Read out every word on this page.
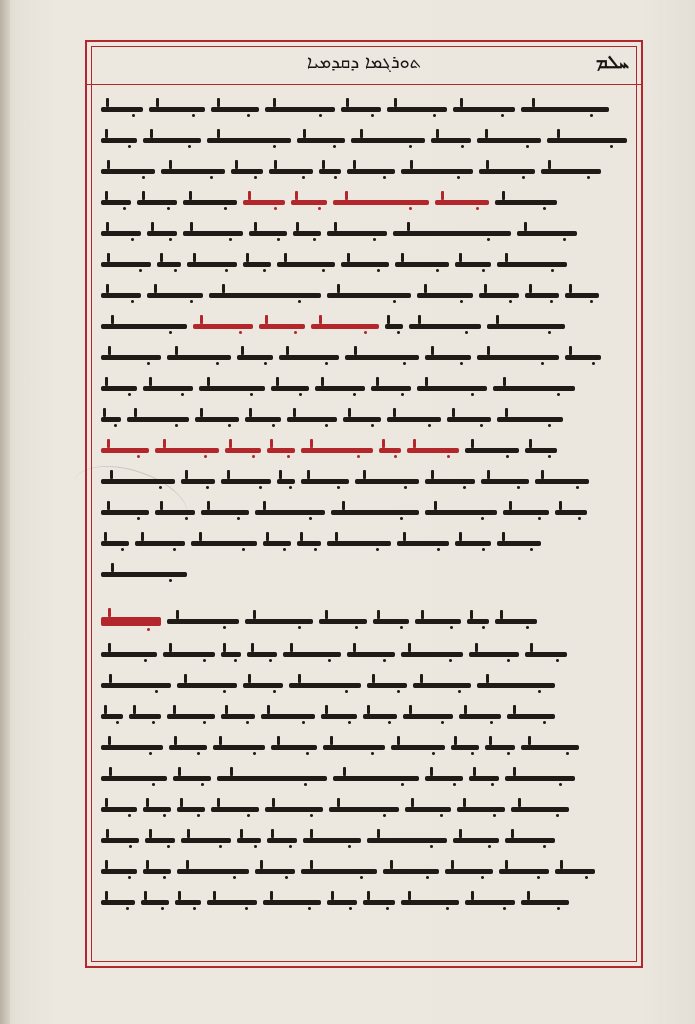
ܬܘܪܓܡܐ ܕܩܕܡܝܐ	ܚܠܡ
